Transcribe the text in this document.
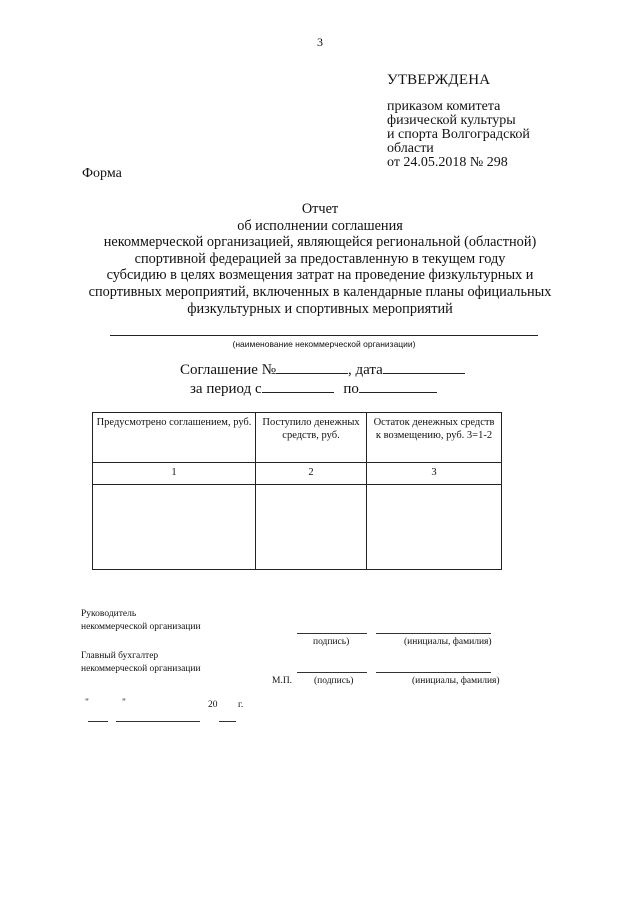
3
УТВЕРЖДЕНА
приказом комитета
физической культуры
и спорта Волгоградской
области
от 24.05.2018 № 298
Форма
Отчет
об исполнении соглашения
некоммерческой организацией, являющейся региональной (областной)
спортивной федерацией за предоставленную в текущем году
субсидию в целях возмещения затрат на проведение физкультурных и
спортивных мероприятий, включенных в календарные планы официальных
физкультурных и спортивных мероприятий
(наименование некоммерческой организации)
Соглашение №	, дата
за период с	по
Предусмотрено соглашением, руб.	Поступило денежных средств, руб.	Остаток денежных средств к возмещению, руб. 3=1-2
1	2	3

Руководитель
некоммерческой организации
подпись)	(инициалы, фамилия)
Главный бухгалтер
некоммерческой организации
М.П. (подпись)	(инициалы, фамилия)
"	"	20 г.
